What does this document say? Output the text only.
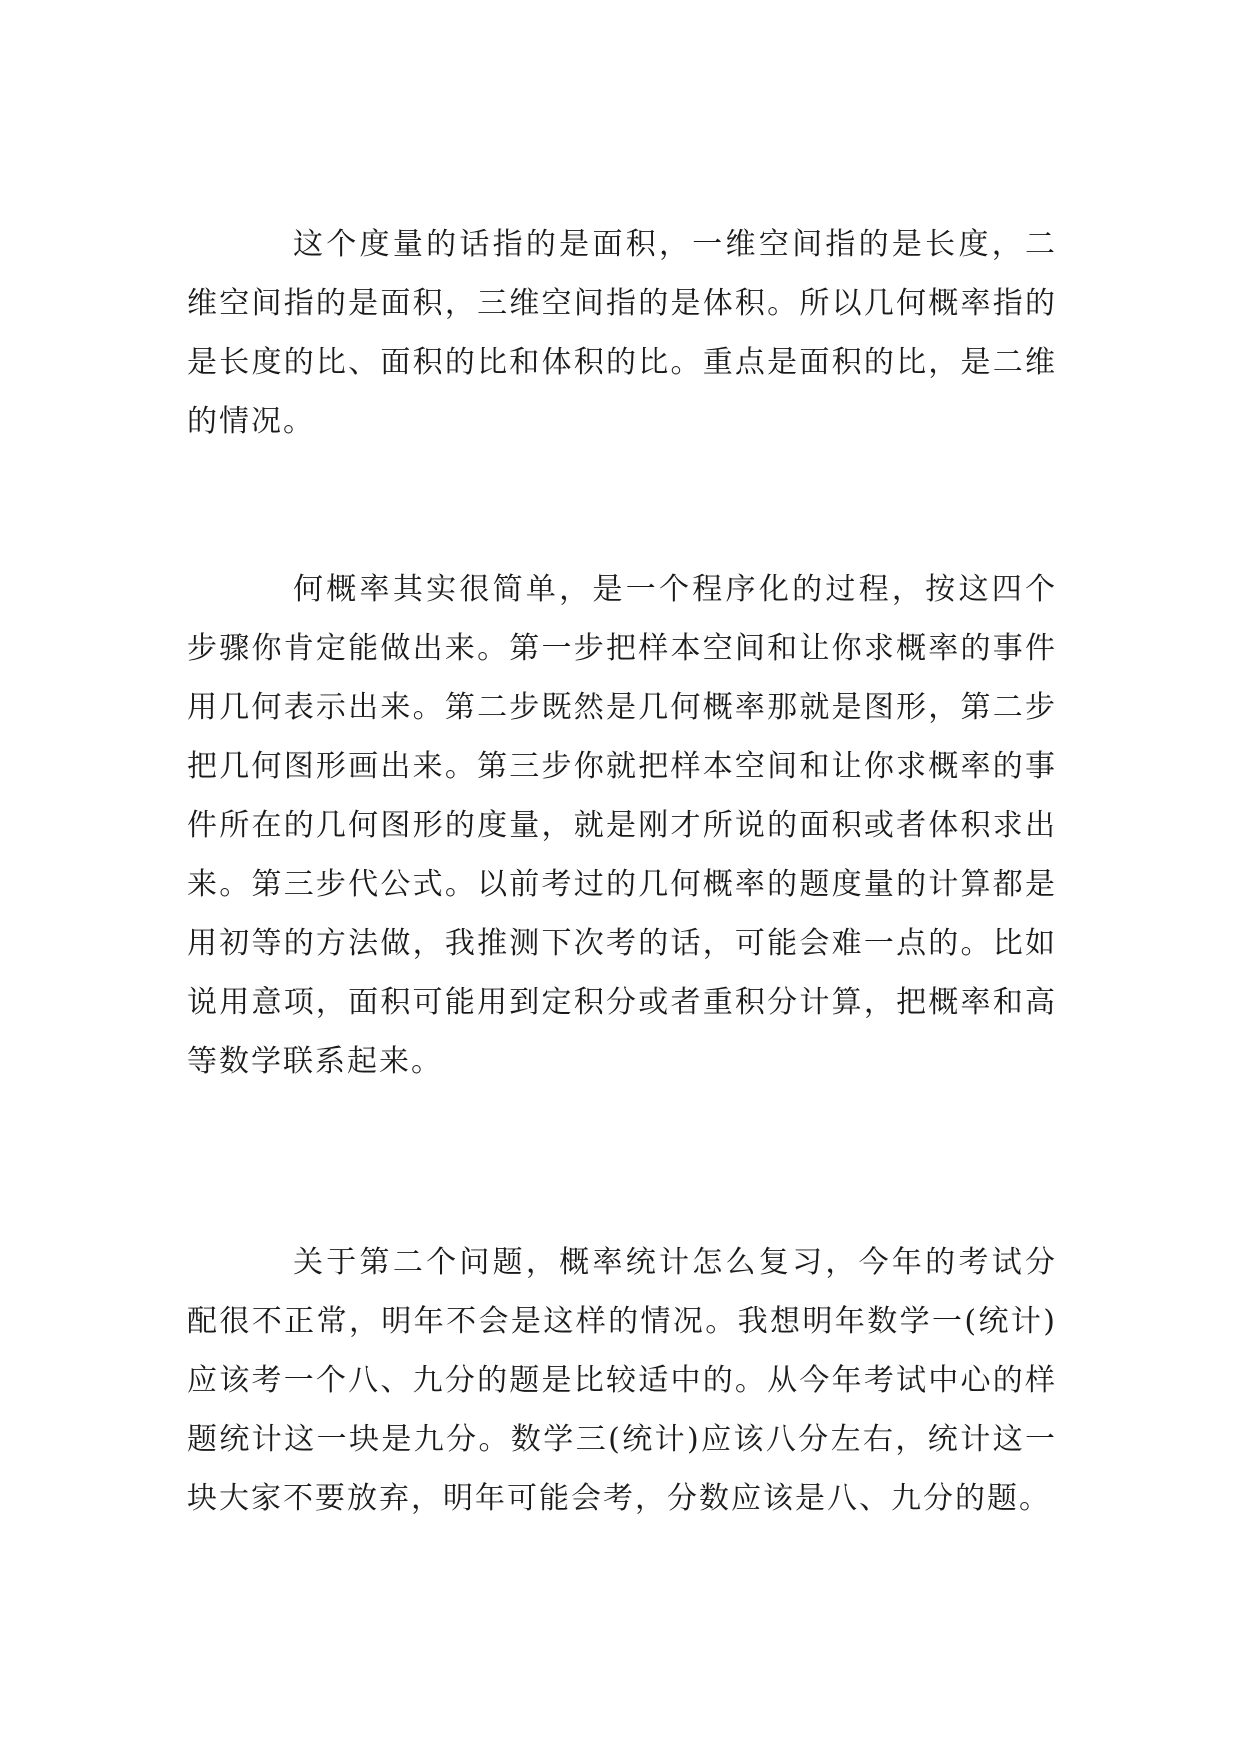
这个度量的话指的是面积，一维空间指的是长度，二维空间指的是面积，三维空间指的是体积。所以几何概率指的是长度的比、面积的比和体积的比。重点是面积的比，是二维的情况。

何概率其实很简单，是一个程序化的过程，按这四个步骤你肯定能做出来。第一步把样本空间和让你求概率的事件用几何表示出来。第二步既然是几何概率那就是图形，第二步把几何图形画出来。第三步你就把样本空间和让你求概率的事件所在的几何图形的度量，就是刚才所说的面积或者体积求出来。第三步代公式。以前考过的几何概率的题度量的计算都是用初等的方法做，我推测下次考的话，可能会难一点的。比如说用意项，面积可能用到定积分或者重积分计算，把概率和高等数学联系起来。

关于第二个问题，概率统计怎么复习，今年的考试分配很不正常，明年不会是这样的情况。我想明年数学一(统计)应该考一个八、九分的题是比较适中的。从今年考试中心的样题统计这一块是九分。数学三(统计)应该八分左右，统计这一块大家不要放弃，明年可能会考，分数应该是八、九分的题。
